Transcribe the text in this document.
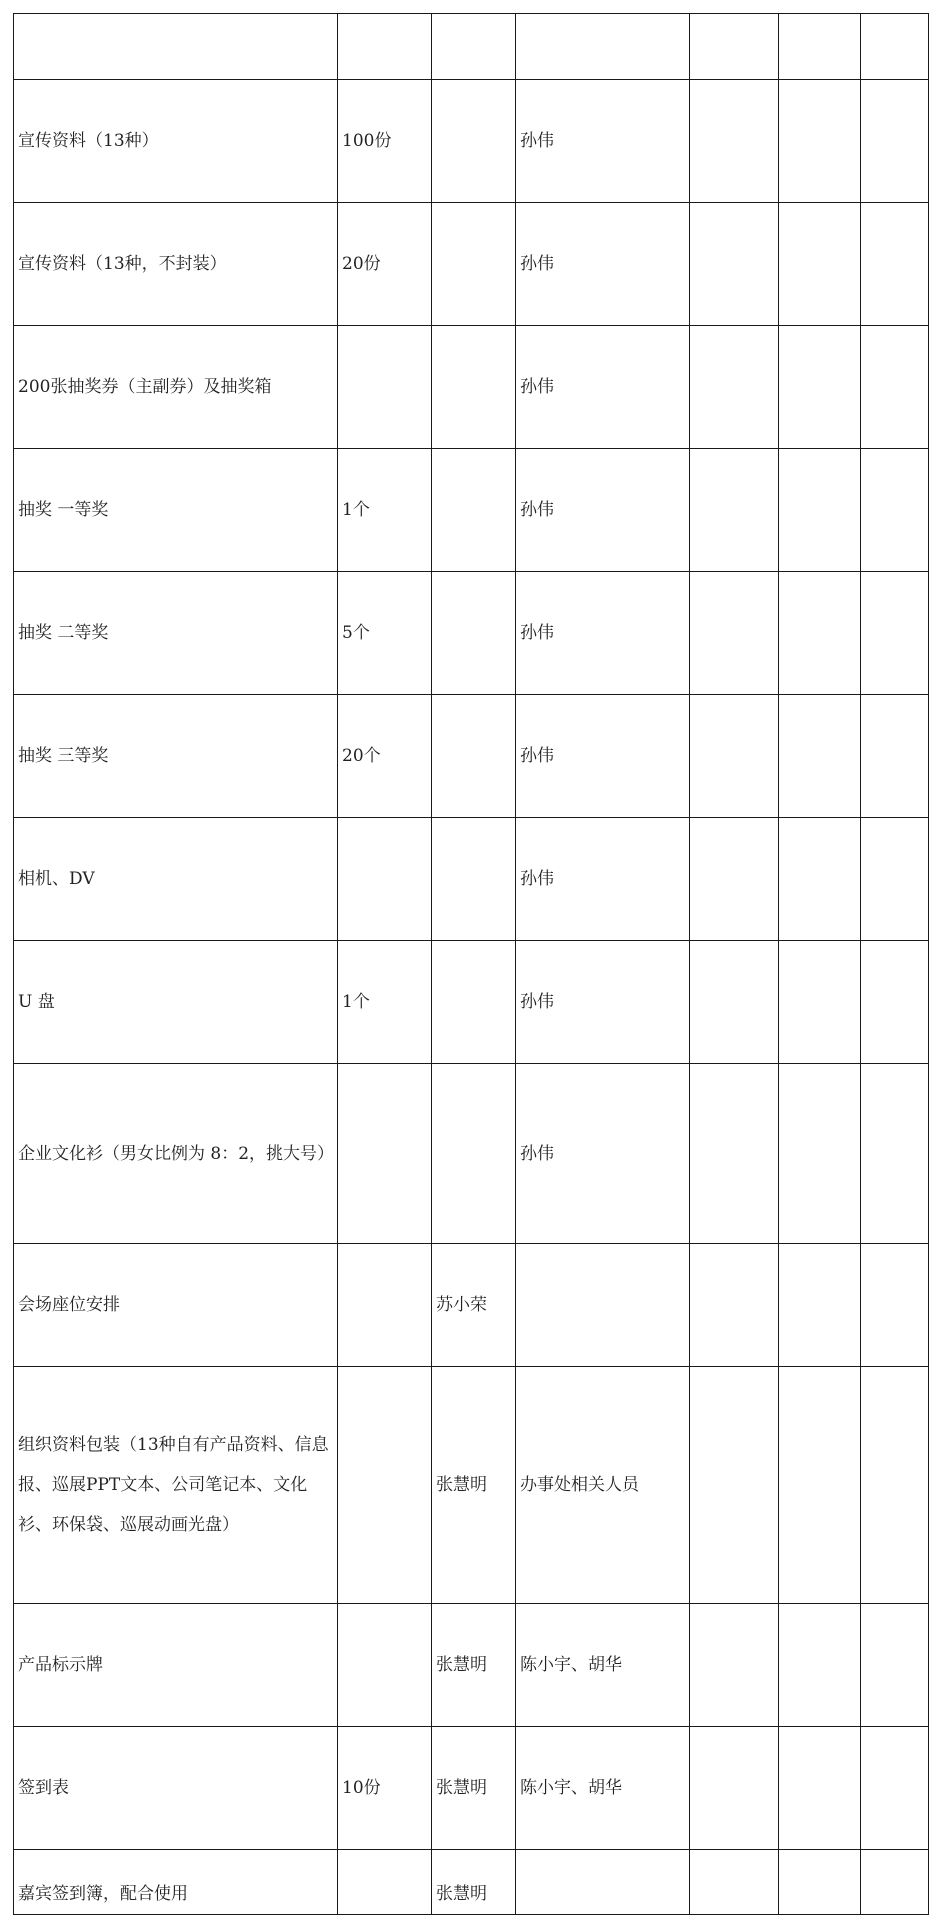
宣传资料（13种）	100份		孙伟			
宣传资料（13种，不封装）	20份		孙伟			
200张抽奖券（主副券）及抽奖箱			孙伟			
抽奖 一等奖	1个		孙伟			
抽奖 二等奖	5个		孙伟			
抽奖 三等奖	20个		孙伟			
相机、DV			孙伟			
U 盘	1个		孙伟			
企业文化衫（男女比例为 8：2，挑大号）			孙伟			
会场座位安排		苏小荣				
组织资料包装（13种自有产品资料、信息报、巡展PPT文本、公司笔记本、文化衫、环保袋、巡展动画光盘）		张慧明	办事处相关人员			
产品标示牌		张慧明	陈小宇、胡华			
签到表	10份	张慧明	陈小宇、胡华			
嘉宾签到簿，配合使用		张慧明				
